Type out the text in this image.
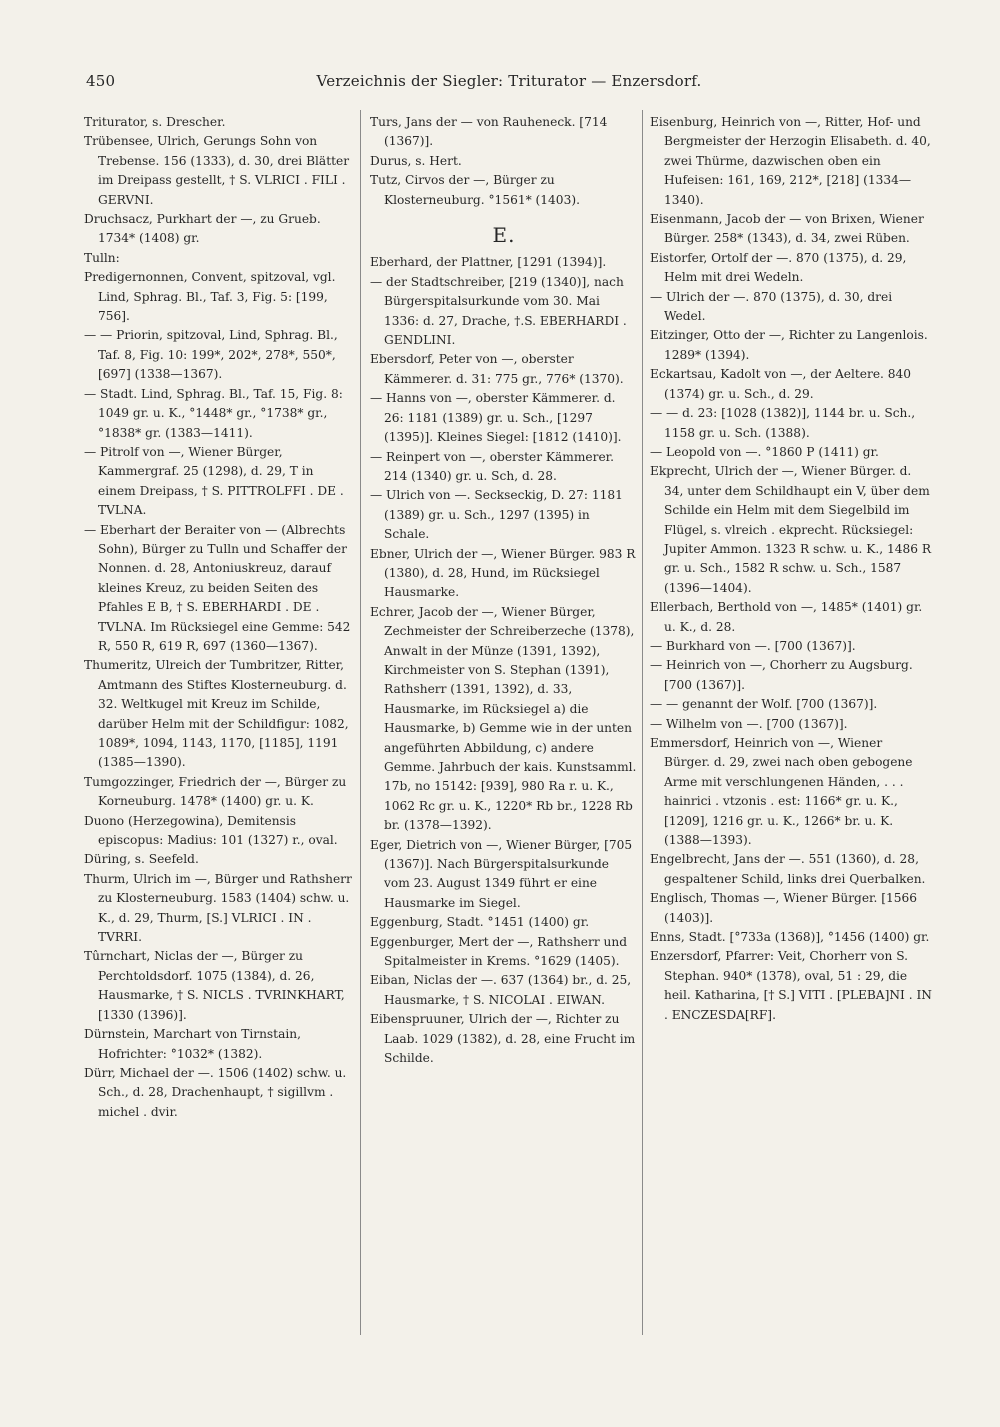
450	Verzeichnis der Siegler: Triturator — Enzersdorf.

Triturator, s. Drescher.

Trübensee, Ulrich, Gerungs Sohn von Trebense. 156 (1333), d. 30, drei Blätter im Dreipass gestellt, † S. VLRICI . FILI . GERVNI.

Druchsacz, Purkhart der —, zu Grueb. 1734* (1408) gr.

Tulln:

Predigernonnen, Convent, spitzoval, vgl. Lind, Sphrag. Bl., Taf. 3, Fig. 5: [199, 756].

— — Priorin, spitzoval, Lind, Sphrag. Bl., Taf. 8, Fig. 10: 199*, 202*, 278*, 550*, [697] (1338—1367).

— Stadt. Lind, Sphrag. Bl., Taf. 15, Fig. 8: 1049 gr. u. K., °1448* gr., °1738* gr., °1838* gr. (1383—1411).

— Pitrolf von —, Wiener Bürger, Kammergraf. 25 (1298), d. 29, T in einem Dreipass, † S. PITTROLFFI . DE . TVLNA.

— Eberhart der Beraiter von — (Albrechts Sohn), Bürger zu Tulln und Schaffer der Nonnen. d. 28, Antoniuskreuz, darauf kleines Kreuz, zu beiden Seiten des Pfahles E B, † S. EBERHARDI . DE . TVLNA. Im Rücksiegel eine Gemme: 542 R, 550 R, 619 R, 697 (1360—1367).

Thumeritz, Ulreich der Tumbritzer, Ritter, Amtmann des Stiftes Klosterneuburg. d. 32. Weltkugel mit Kreuz im Schilde, darüber Helm mit der Schildfigur: 1082, 1089*, 1094, 1143, 1170, [1185], 1191 (1385—1390).

Tumgozzinger, Friedrich der —, Bürger zu Korneuburg. 1478* (1400) gr. u. K.

Duono (Herzegowina), Demitensis episcopus: Madius: 101 (1327) r., oval.

Düring, s. Seefeld.

Thurm, Ulrich im —, Bürger und Rathsherr zu Klosterneuburg. 1583 (1404) schw. u. K., d. 29, Thurm, [S.] VLRICI . IN . TVRRI.

Tûrnchart, Niclas der —, Bürger zu Perchtoldsdorf. 1075 (1384), d. 26, Hausmarke, † S. NICLS . TVRINKHART, [1330 (1396)].

Dürnstein, Marchart von Tirnstain, Hofrichter: °1032* (1382).

Dürr, Michael der —. 1506 (1402) schw. u. Sch., d. 28, Drachenhaupt, † sigillvm . michel . dvir.

Turs, Jans der — von Rauheneck. [714 (1367)].

Durus, s. Hert.

Tutz, Cirvos der —, Bürger zu Klosterneuburg. °1561* (1403).

E.

Eberhard, der Plattner, [1291 (1394)].

— der Stadtschreiber, [219 (1340)], nach Bürgerspitalsurkunde vom 30. Mai 1336: d. 27, Drache, †.S. EBERHARDI . GENDLINI.

Ebersdorf, Peter von —, oberster Kämmerer. d. 31: 775 gr., 776* (1370).

— Hanns von —, oberster Kämmerer. d. 26: 1181 (1389) gr. u. Sch., [1297 (1395)]. Kleines Siegel: [1812 (1410)].

— Reinpert von —, oberster Kämmerer. 214 (1340) gr. u. Sch, d. 28.

— Ulrich von —. Seckseckig, D. 27: 1181 (1389) gr. u. Sch., 1297 (1395) in Schale.

Ebner, Ulrich der —, Wiener Bürger. 983 R (1380), d. 28, Hund, im Rücksiegel Hausmarke.

Echrer, Jacob der —, Wiener Bürger, Zechmeister der Schreiberzeche (1378), Anwalt in der Münze (1391, 1392), Kirchmeister von S. Stephan (1391), Rathsherr (1391, 1392), d. 33, Hausmarke, im Rücksiegel a) die Hausmarke, b) Gemme wie in der unten angeführten Abbildung, c) andere Gemme. Jahrbuch der kais. Kunstsamml. 17b, no 15142: [939], 980 Ra r. u. K., 1062 Rc gr. u. K., 1220* Rb br., 1228 Rb br. (1378—1392).

Eger, Dietrich von —, Wiener Bürger, [705 (1367)]. Nach Bürgerspitalsurkunde vom 23. August 1349 führt er eine Hausmarke im Siegel.

Eggenburg, Stadt. °1451 (1400) gr.

Eggenburger, Mert der —, Rathsherr und Spitalmeister in Krems. °1629 (1405).

Eiban, Niclas der —. 637 (1364) br., d. 25, Hausmarke, † S. NICOLAI . EIWAN.

Eibenspruuner, Ulrich der —, Richter zu Laab. 1029 (1382), d. 28, eine Frucht im Schilde.

Eisenburg, Heinrich von —, Ritter, Hof- und Bergmeister der Herzogin Elisabeth. d. 40, zwei Thürme, dazwischen oben ein Hufeisen: 161, 169, 212*, [218] (1334—1340).

Eisenmann, Jacob der — von Brixen, Wiener Bürger. 258* (1343), d. 34, zwei Rüben.

Eistorfer, Ortolf der —. 870 (1375), d. 29, Helm mit drei Wedeln.

— Ulrich der —. 870 (1375), d. 30, drei Wedel.

Eitzinger, Otto der —, Richter zu Langenlois. 1289* (1394).

Eckartsau, Kadolt von —, der Aeltere. 840 (1374) gr. u. Sch., d. 29.

— — d. 23: [1028 (1382)], 1144 br. u. Sch., 1158 gr. u. Sch. (1388).

— Leopold von —. °1860 P (1411) gr.

Ekprecht, Ulrich der —, Wiener Bürger. d. 34, unter dem Schildhaupt ein V, über dem Schilde ein Helm mit dem Siegelbild im Flügel, s. vlreich . ekprecht. Rücksiegel: Jupiter Ammon. 1323 R schw. u. K., 1486 R gr. u. Sch., 1582 R schw. u. Sch., 1587 (1396—1404).

Ellerbach, Berthold von —, 1485* (1401) gr. u. K., d. 28.

— Burkhard von —. [700 (1367)].

— Heinrich von —, Chorherr zu Augsburg. [700 (1367)].

— — genannt der Wolf. [700 (1367)].

— Wilhelm von —. [700 (1367)].

Emmersdorf, Heinrich von —, Wiener Bürger. d. 29, zwei nach oben gebogene Arme mit verschlungenen Händen, . . . hainrici . vtzonis . est: 1166* gr. u. K., [1209], 1216 gr. u. K., 1266* br. u. K. (1388—1393).

Engelbrecht, Jans der —. 551 (1360), d. 28, gespaltener Schild, links drei Querbalken.

Englisch, Thomas —, Wiener Bürger. [1566 (1403)].

Enns, Stadt. [°733a (1368)], °1456 (1400) gr.

Enzersdorf, Pfarrer: Veit, Chorherr von S. Stephan. 940* (1378), oval, 51 : 29, die heil. Katharina, [† S.] VITI . [PLEBA]NI . IN . ENCZESDA[RF].
